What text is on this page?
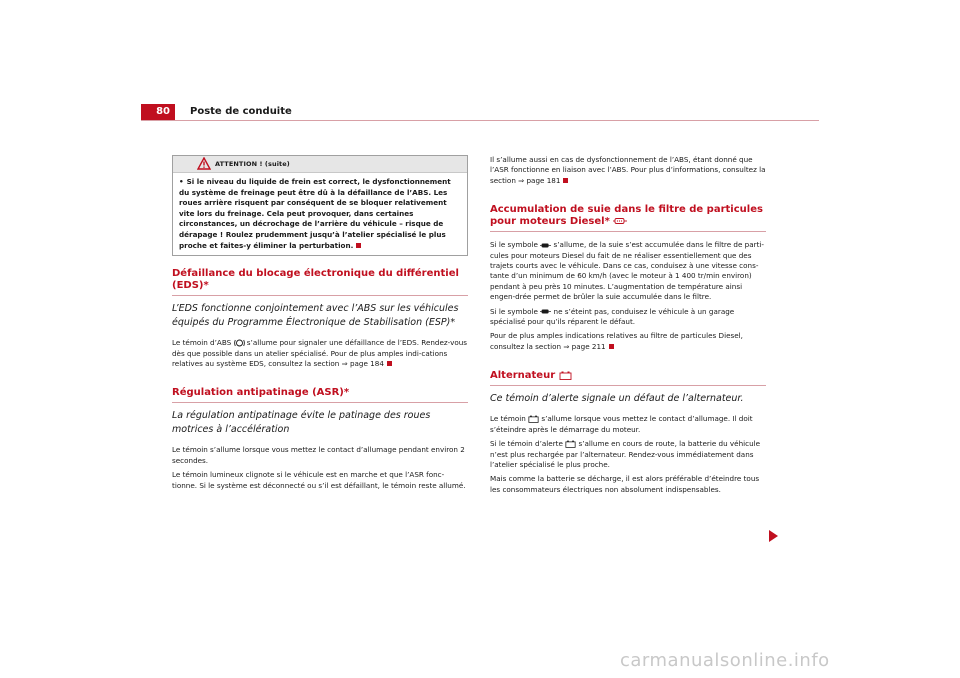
80 Poste de conduite
ATTENTION ! (suite)
• Si le niveau du liquide de frein est correct, le dysfonctionnement du système de freinage peut être dû à la défaillance de l’ABS. Les roues arrière risquent par conséquent de se bloquer relativement vite lors du freinage. Cela peut provoquer, dans certaines circonstances, un décrochage de l’arrière du véhicule – risque de dérapage ! Roulez prudemment jusqu’à l’atelier spécialisé le plus proche et faites-y éliminer la perturbation.
Défaillance du blocage électronique du différentiel (EDS)*

L’EDS fonctionne conjointement avec l’ABS sur les véhicules équipés du Programme Électronique de Stabilisation (ESP)*

Le témoin d’ABS s’allume pour signaler une défaillance de l’EDS. Rendez-vous dès que possible dans un atelier spécialisé. Pour de plus amples indi-cations relatives au système EDS, consultez la section ⇒ page 184

Régulation antipatinage (ASR)*

La régulation antipatinage évite le patinage des roues motrices à l’accélération

Le témoin s’allume lorsque vous mettez le contact d’allumage pendant environ 2 secondes.

Le témoin lumineux clignote si le véhicule est en marche et que l’ASR fonc-tionne. Si le système est déconnecté ou s’il est défaillant, le témoin reste allumé.

Il s’allume aussi en cas de dysfonctionnement de l’ABS, étant donné que l’ASR fonctionne en liaison avec l’ABS. Pour plus d’informations, consultez la section ⇒ page 181

Accumulation de suie dans le filtre de particules pour moteurs Diesel*

Si le symbole s’allume, de la suie s’est accumulée dans le filtre de parti-cules pour moteurs Diesel du fait de ne réaliser essentiellement que des trajets courts avec le véhicule. Dans ce cas, conduisez à une vitesse cons-tante d’un minimum de 60 km/h (avec le moteur à 1 400 tr/min environ) pendant à peu près 10 minutes. L’augmentation de température ainsi engen-drée permet de brûler la suie accumulée dans le filtre.

Si le symbole ne s’éteint pas, conduisez le véhicule à un garage spécialisé pour qu’ils réparent le défaut.

Pour de plus amples indications relatives au filtre de particules Diesel, consultez la section ⇒ page 211

Alternateur

Ce témoin d’alerte signale un défaut de l’alternateur.

Le témoin s’allume lorsque vous mettez le contact d’allumage. Il doit s’éteindre après le démarrage du moteur.

Si le témoin d’alerte s’allume en cours de route, la batterie du véhicule n’est plus rechargée par l’alternateur. Rendez-vous immédiatement dans l’atelier spécialisé le plus proche.

Mais comme la batterie se décharge, il est alors préférable d’éteindre tous les consommateurs électriques non absolument indispensables.

carmanualsonline.info
